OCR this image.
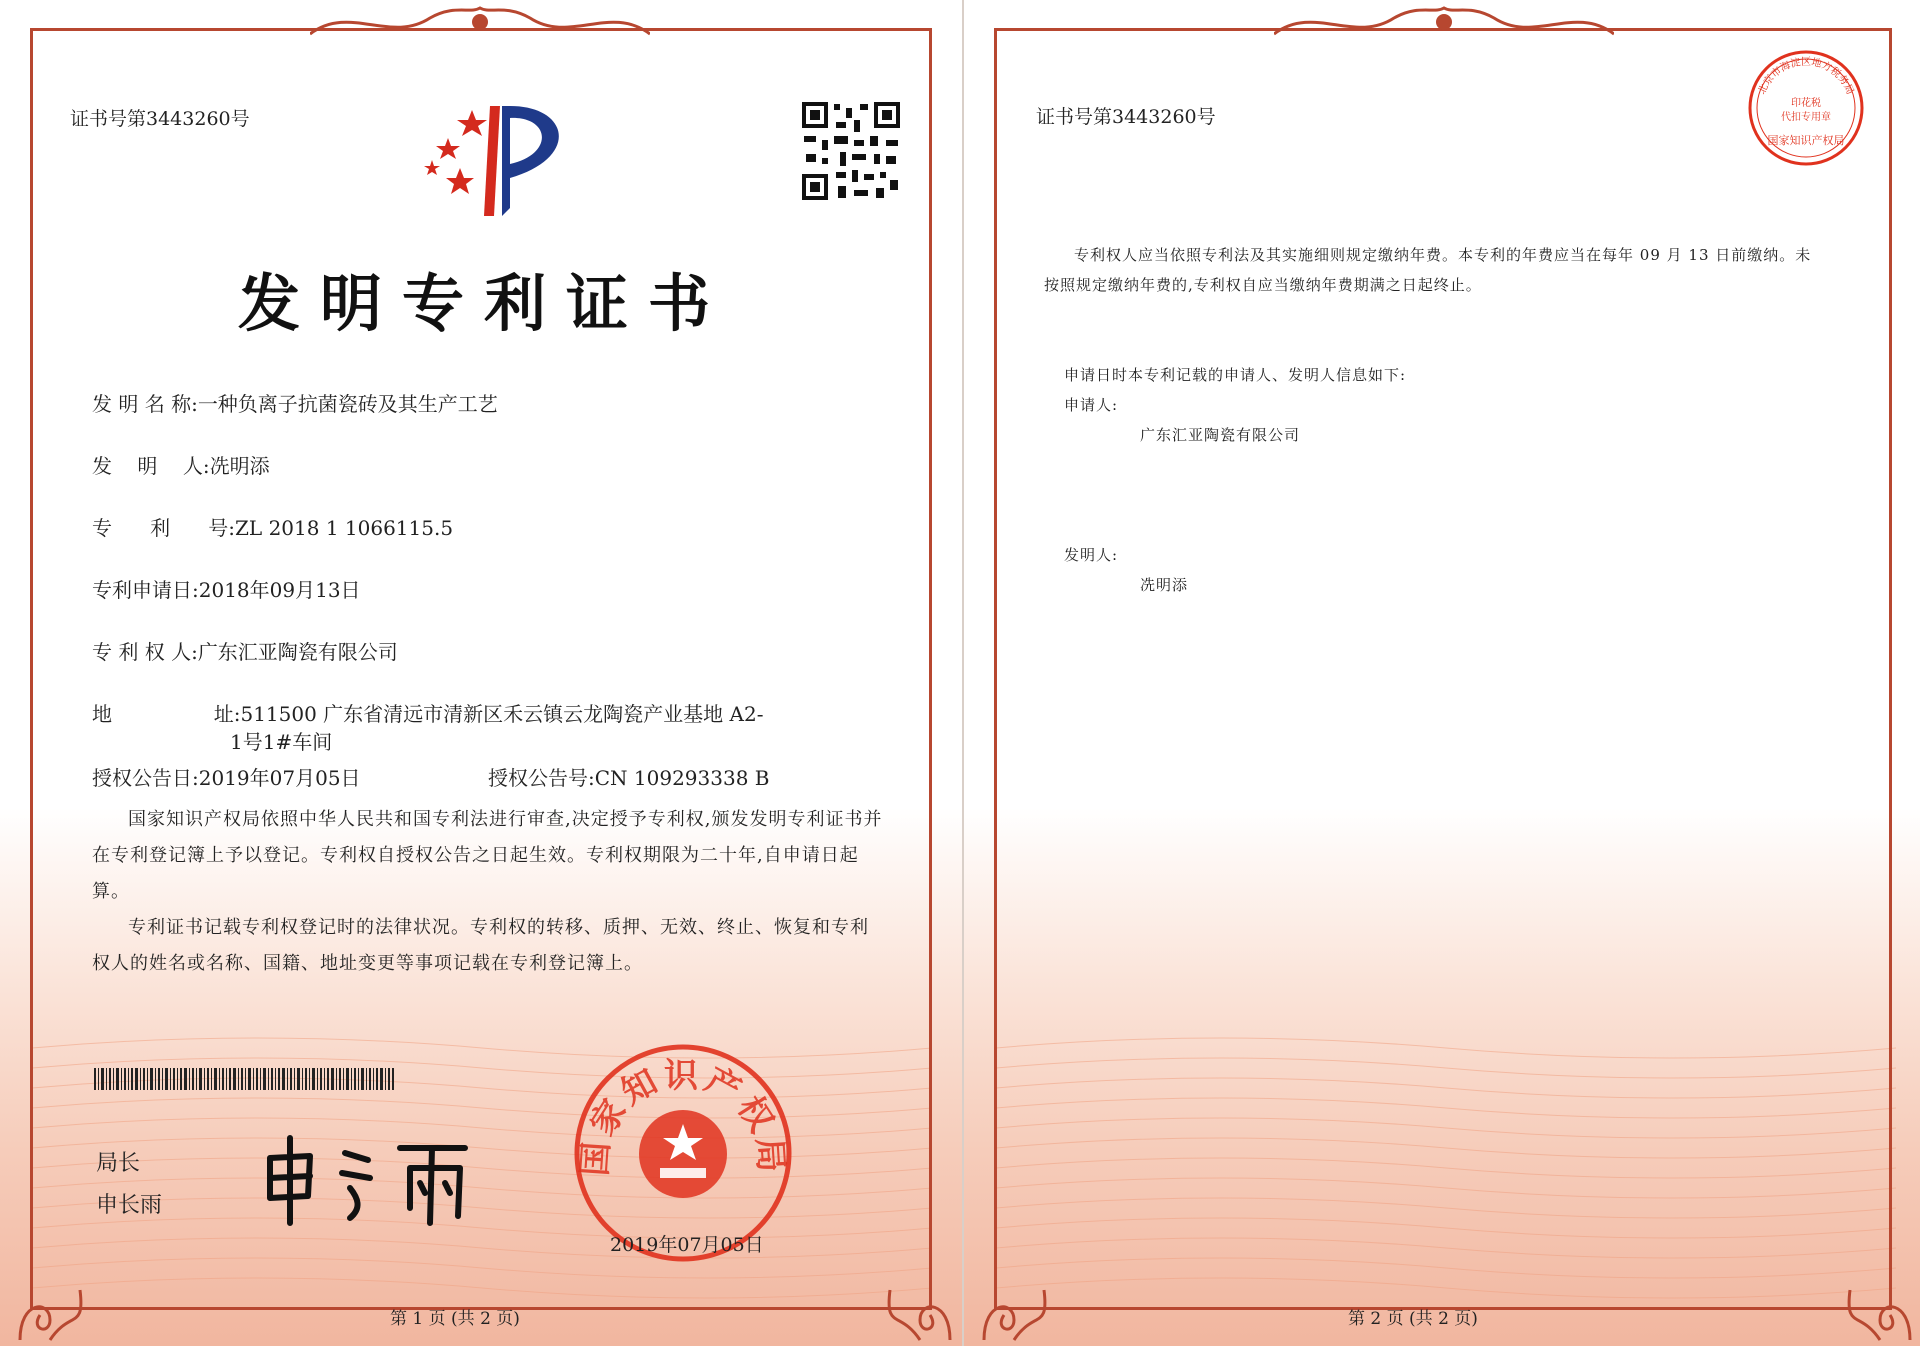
证书号第3443260号
发明专利证书
发 明 名 称:一种负离子抗菌瓷砖及其生产工艺
发    明    人:冼明添
专      利      号:ZL 2018 1 1066115.5
专利申请日:2018年09月13日
专 利 权 人:广东汇亚陶瓷有限公司
地                址:511500 广东省清远市清新区禾云镇云龙陶瓷产业基地 A2-
1号1#车间
授权公告日:2019年07月05日	授权公告号:CN 109293338 B
国家知识产权局依照中华人民共和国专利法进行审查,决定授予专利权,颁发发明专利证书并在专利登记簿上予以登记。专利权自授权公告之日起生效。专利权期限为二十年,自申请日起算。
专利证书记载专利权登记时的法律状况。专利权的转移、质押、无效、终止、恢复和专利权人的姓名或名称、国籍、地址变更等事项记载在专利登记簿上。
局长
申长雨
国家知识产权局
2019年07月05日
第 1 页 (共 2 页)
证书号第3443260号
北京市海淀区地方税务局
印花税
代扣专用章
国家知识产权局
专利权人应当依照专利法及其实施细则规定缴纳年费。本专利的年费应当在每年 09 月 13 日前缴纳。未按照规定缴纳年费的,专利权自应当缴纳年费期满之日起终止。
申请日时本专利记载的申请人、发明人信息如下:
申请人:
广东汇亚陶瓷有限公司
发明人:
冼明添
第 2 页 (共 2 页)
